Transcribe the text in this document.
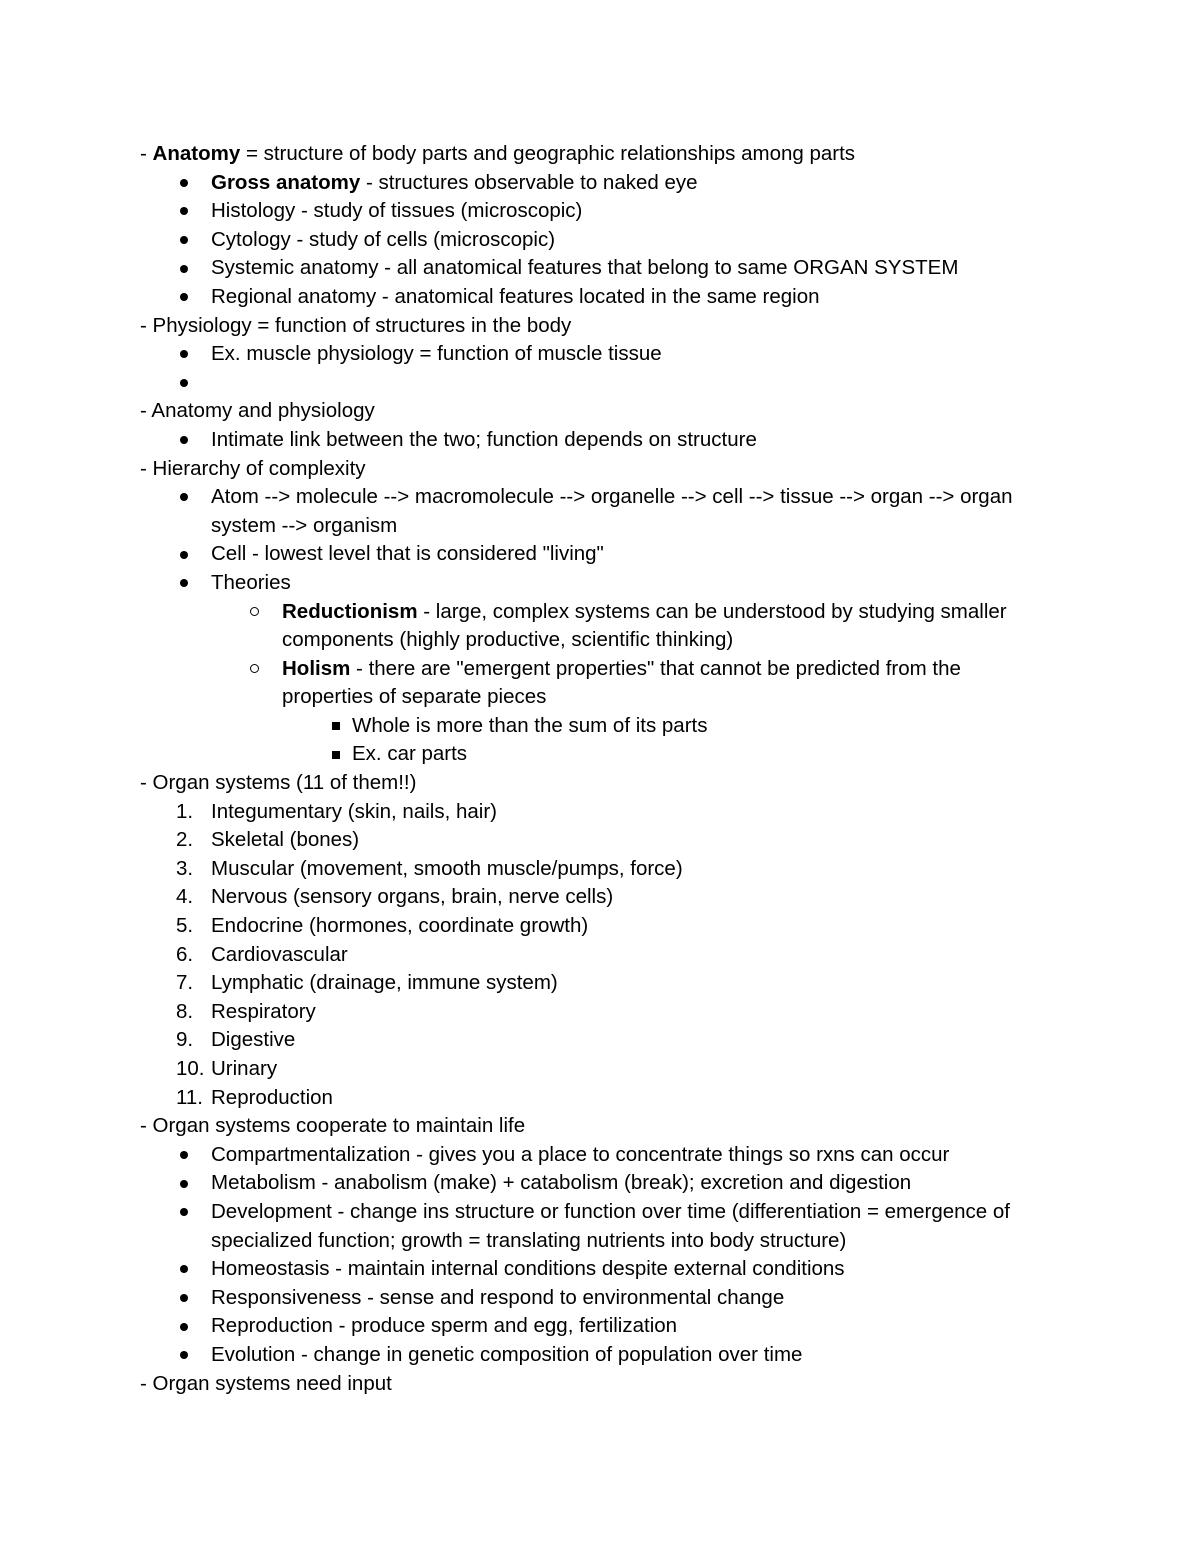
- Anatomy = structure of body parts and geographic relationships among parts
Gross anatomy - structures observable to naked eye
Histology - study of tissues (microscopic)
Cytology - study of cells (microscopic)
Systemic anatomy - all anatomical features that belong to same ORGAN SYSTEM
Regional anatomy - anatomical features located in the same region
- Physiology = function of structures in the body
Ex. muscle physiology = function of muscle tissue

- Anatomy and physiology
Intimate link between the two; function depends on structure
- Hierarchy of complexity
Atom --> molecule --> macromolecule --> organelle --> cell --> tissue --> organ --> organ
system --> organism
Cell - lowest level that is considered "living"
Theories
Reductionism - large, complex systems can be understood by studying smaller
components (highly productive, scientific thinking)
Holism - there are "emergent properties" that cannot be predicted from the
properties of separate pieces
Whole is more than the sum of its parts
Ex. car parts
- Organ systems (11 of them!!)
1. Integumentary (skin, nails, hair)
2. Skeletal (bones)
3. Muscular (movement, smooth muscle/pumps, force)
4. Nervous (sensory organs, brain, nerve cells)
5. Endocrine (hormones, coordinate growth)
6. Cardiovascular
7. Lymphatic (drainage, immune system)
8. Respiratory
9. Digestive
10. Urinary
11. Reproduction
- Organ systems cooperate to maintain life
Compartmentalization - gives you a place to concentrate things so rxns can occur
Metabolism - anabolism (make) + catabolism (break); excretion and digestion
Development - change ins structure or function over time (differentiation = emergence of
specialized function; growth = translating nutrients into body structure)
Homeostasis - maintain internal conditions despite external conditions
Responsiveness - sense and respond to environmental change
Reproduction - produce sperm and egg, fertilization
Evolution - change in genetic composition of population over time
- Organ systems need input
